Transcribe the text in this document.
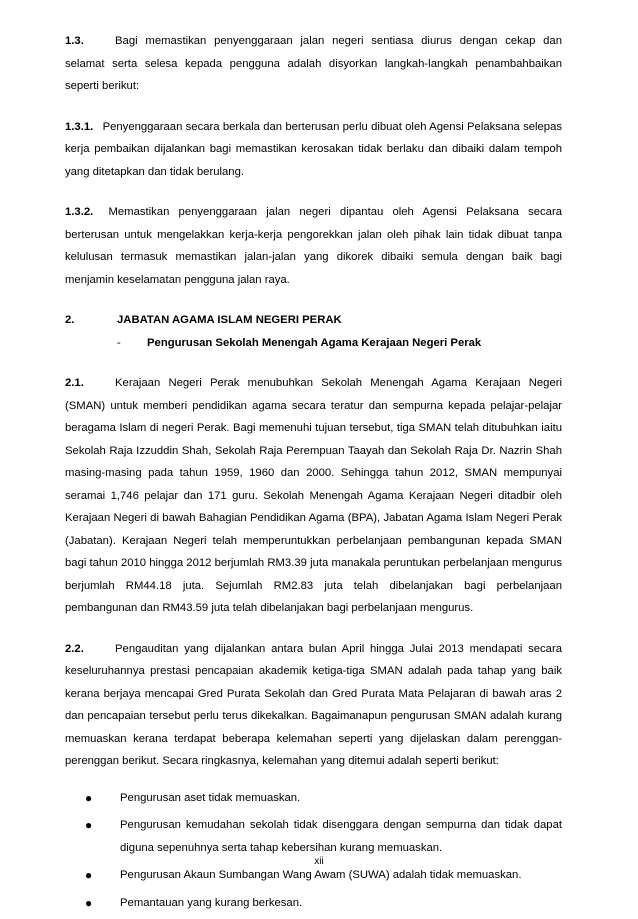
1.3.	Bagi memastikan penyenggaraan jalan negeri sentiasa diurus dengan cekap dan selamat serta selesa kepada pengguna adalah disyorkan langkah-langkah penambahbaikan seperti berikut:

1.3.1. Penyenggaraan secara berkala dan berterusan perlu dibuat oleh Agensi Pelaksana selepas kerja pembaikan dijalankan bagi memastikan kerosakan tidak berlaku dan dibaiki dalam tempoh yang ditetapkan dan tidak berulang.

1.3.2. Memastikan penyenggaraan jalan negeri dipantau oleh Agensi Pelaksana secara berterusan untuk mengelakkan kerja-kerja pengorekkan jalan oleh pihak lain tidak dibuat tanpa kelulusan termasuk memastikan jalan-jalan yang dikorek dibaiki semula dengan baik bagi menjamin keselamatan pengguna jalan raya.

2.	JABATAN AGAMA ISLAM NEGERI PERAK
- Pengurusan Sekolah Menengah Agama Kerajaan Negeri Perak

2.1.	Kerajaan Negeri Perak menubuhkan Sekolah Menengah Agama Kerajaan Negeri (SMAN) untuk memberi pendidikan agama secara teratur dan sempurna kepada pelajar-pelajar beragama Islam di negeri Perak. Bagi memenuhi tujuan tersebut, tiga SMAN telah ditubuhkan iaitu Sekolah Raja Izzuddin Shah, Sekolah Raja Perempuan Taayah dan Sekolah Raja Dr. Nazrin Shah masing-masing pada tahun 1959, 1960 dan 2000. Sehingga tahun 2012, SMAN mempunyai seramai 1,746 pelajar dan 171 guru. Sekolah Menengah Agama Kerajaan Negeri ditadbir oleh Kerajaan Negeri di bawah Bahagian Pendidikan Agama (BPA), Jabatan Agama Islam Negeri Perak (Jabatan). Kerajaan Negeri telah memperuntukkan perbelanjaan pembangunan kepada SMAN bagi tahun 2010 hingga 2012 berjumlah RM3.39 juta manakala peruntukan perbelanjaan mengurus berjumlah RM44.18 juta. Sejumlah RM2.83 juta telah dibelanjakan bagi perbelanjaan pembangunan dan RM43.59 juta telah dibelanjakan bagi perbelanjaan mengurus.

2.2.	Pengauditan yang dijalankan antara bulan April hingga Julai 2013 mendapati secara keseluruhannya prestasi pencapaian akademik ketiga-tiga SMAN adalah pada tahap yang baik kerana berjaya mencapai Gred Purata Sekolah dan Gred Purata Mata Pelajaran di bawah aras 2 dan pencapaian tersebut perlu terus dikekalkan. Bagaimanapun pengurusan SMAN adalah kurang memuaskan kerana terdapat beberapa kelemahan seperti yang dijelaskan dalam perenggan-perenggan berikut. Secara ringkasnya, kelemahan yang ditemui adalah seperti berikut:

● Pengurusan aset tidak memuaskan.
● Pengurusan kemudahan sekolah tidak disenggara dengan sempurna dan tidak dapat diguna sepenuhnya serta tahap kebersihan kurang memuaskan.
● Pengurusan Akaun Sumbangan Wang Awam (SUWA) adalah tidak memuaskan.
● Pemantauan yang kurang berkesan.
xii
